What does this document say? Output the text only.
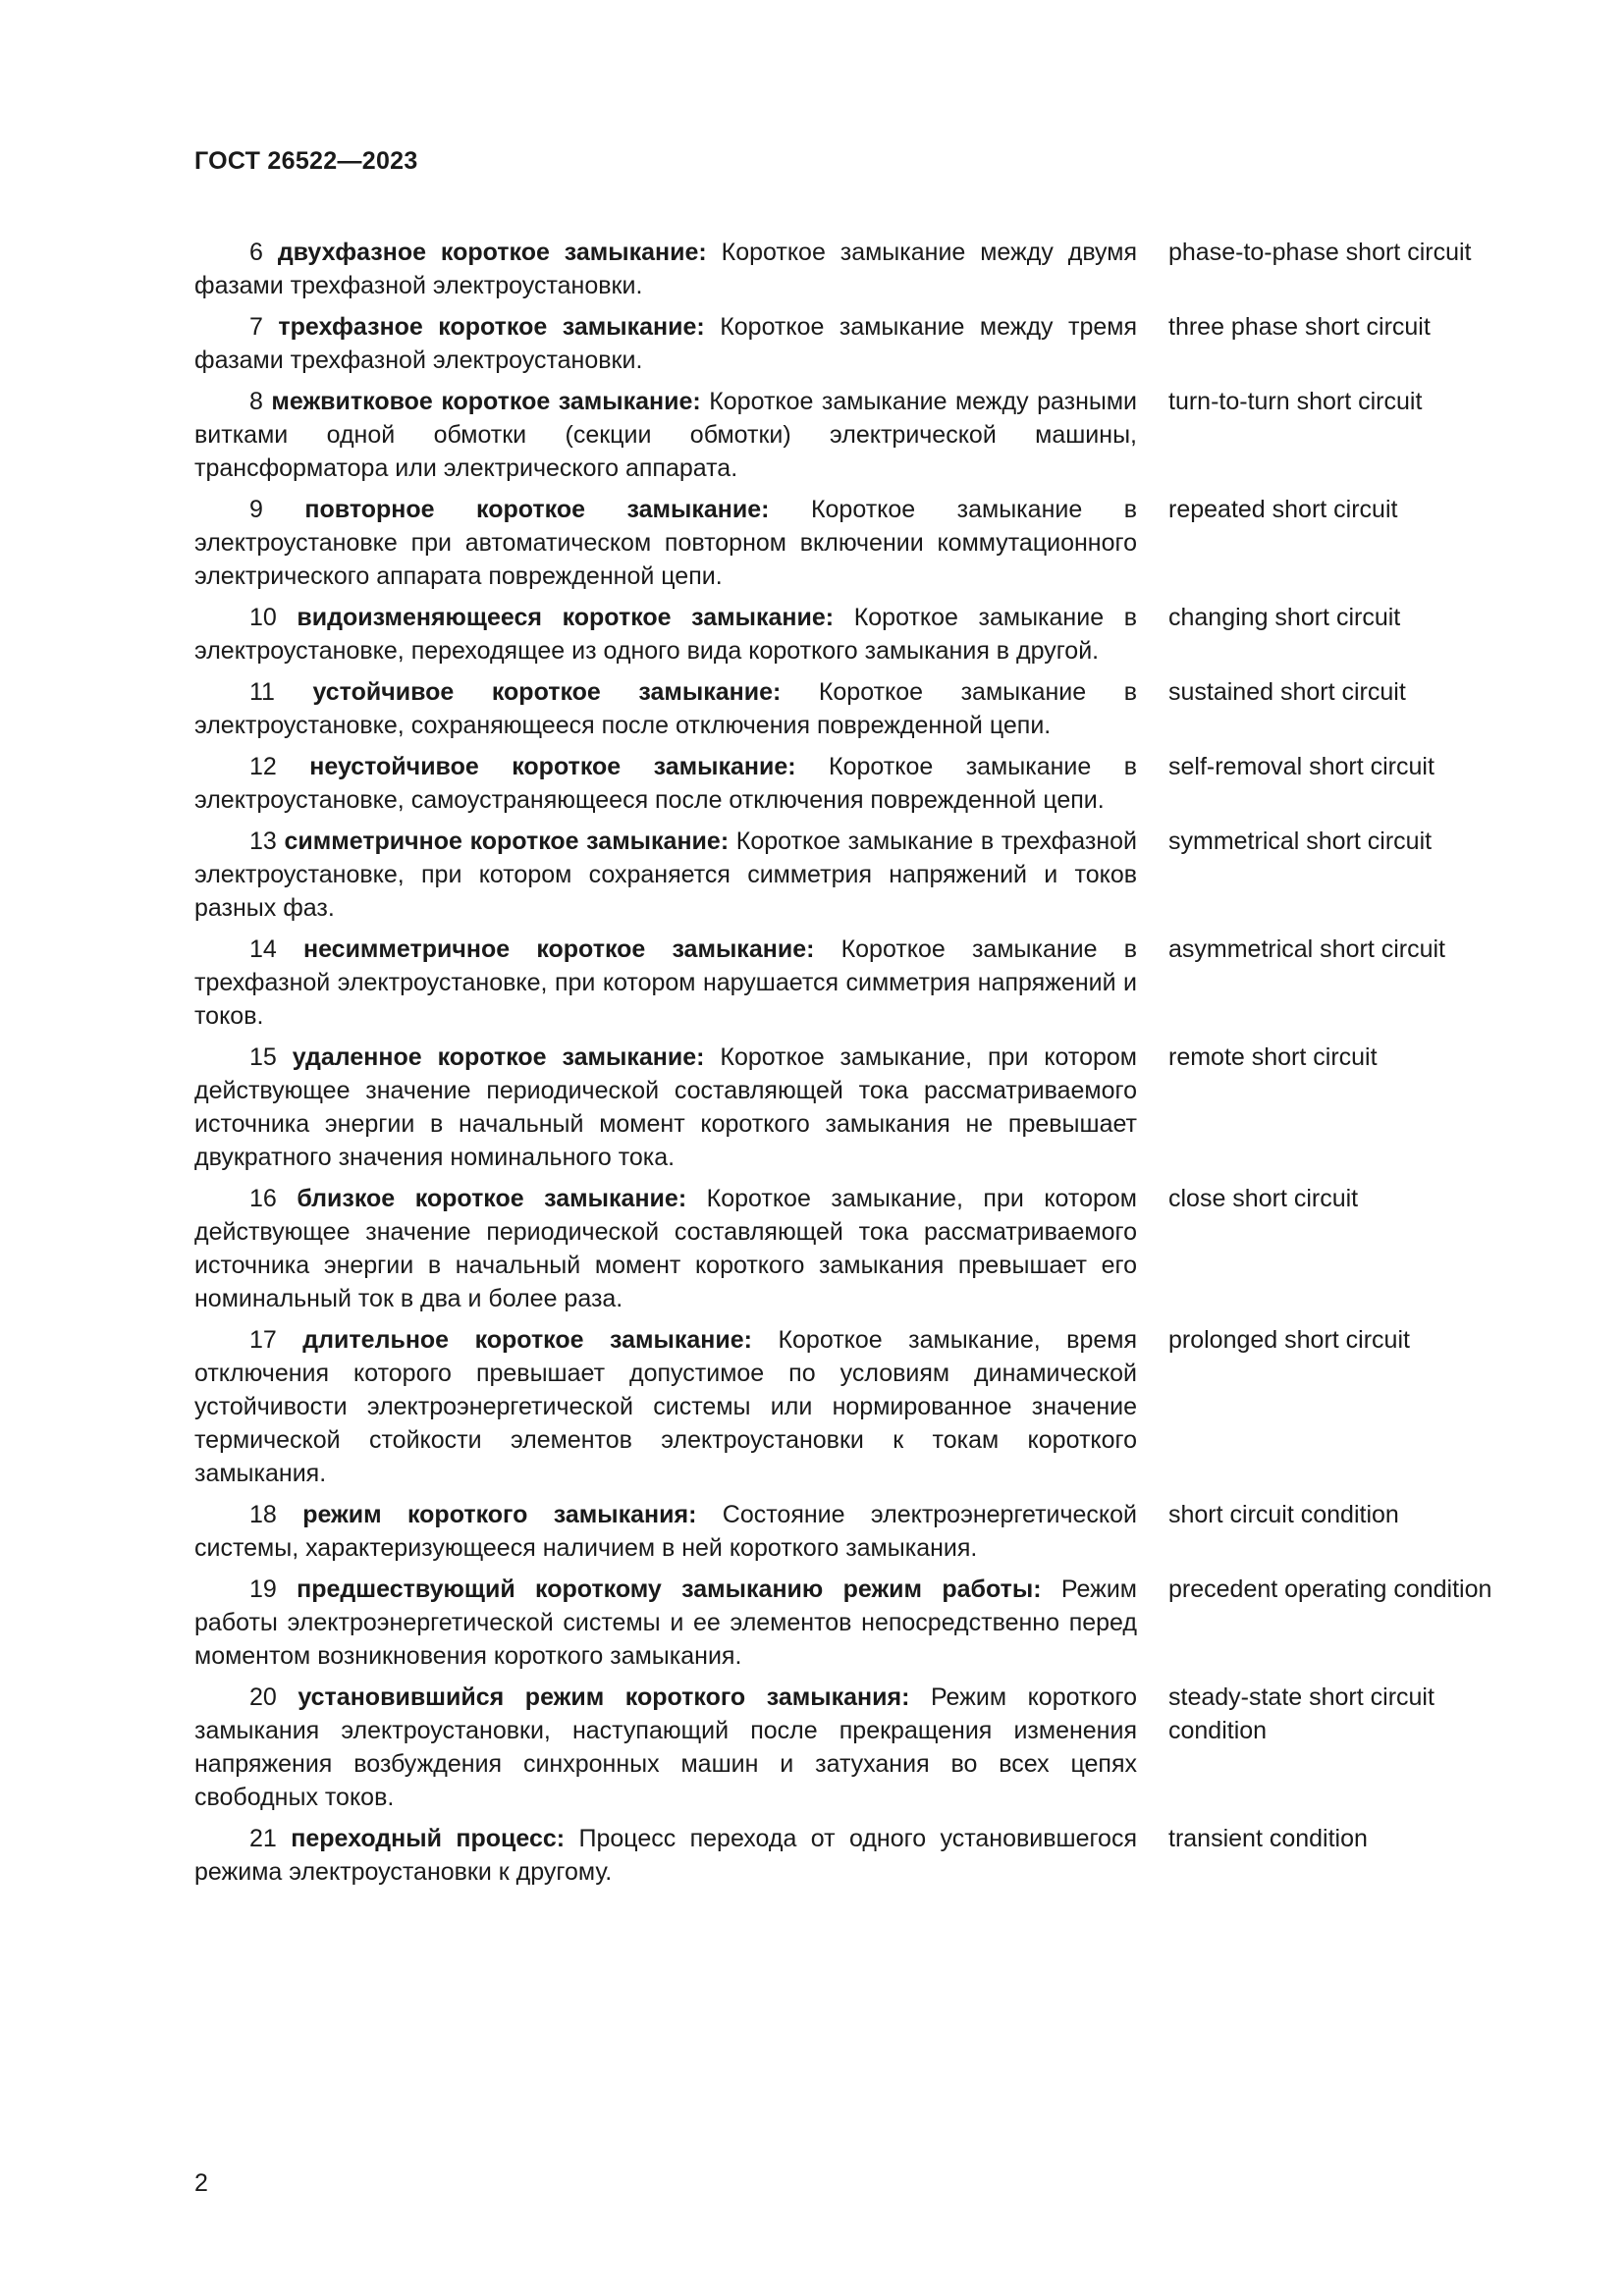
ГОСТ 26522—2023
6 двухфазное короткое замыкание: Короткое замыкание между двумя фазами трехфазной электроустановки.
phase-to-phase short circuit
7 трехфазное короткое замыкание: Короткое замыкание между тремя фазами трехфазной электроустановки.
three phase short circuit
8 межвитковое короткое замыкание: Короткое замыкание между разными витками одной обмотки (секции обмотки) электрической машины, трансформатора или электрического аппарата.
turn-to-turn short circuit
9 повторное короткое замыкание: Короткое замыкание в электроустановке при автоматическом повторном включении коммутационного электрического аппарата поврежденной цепи.
repeated short circuit
10 видоизменяющееся короткое замыкание: Короткое замыкание в электроустановке, переходящее из одного вида короткого замыкания в другой.
changing short circuit
11 устойчивое короткое замыкание: Короткое замыкание в электроустановке, сохраняющееся после отключения поврежденной цепи.
sustained short circuit
12 неустойчивое короткое замыкание: Короткое замыкание в электроустановке, самоустраняющееся после отключения поврежденной цепи.
self-removal short circuit
13 симметричное короткое замыкание: Короткое замыкание в трехфазной электроустановке, при котором сохраняется симметрия напряжений и токов разных фаз.
symmetrical short circuit
14 несимметричное короткое замыкание: Короткое замыкание в трехфазной электроустановке, при котором нарушается симметрия напряжений и токов.
asymmetrical short circuit
15 удаленное короткое замыкание: Короткое замыкание, при котором действующее значение периодической составляющей тока рассматриваемого источника энергии в начальный момент короткого замыкания не превышает двукратного значения номинального тока.
remote short circuit
16 близкое короткое замыкание: Короткое замыкание, при котором действующее значение периодической составляющей тока рассматриваемого источника энергии в начальный момент короткого замыкания превышает его номинальный ток в два и более раза.
close short circuit
17 длительное короткое замыкание: Короткое замыкание, время отключения которого превышает допустимое по условиям динамической устойчивости электроэнергетической системы или нормированное значение термической стойкости элементов электроустановки к токам короткого замыкания.
prolonged short circuit
18 режим короткого замыкания: Состояние электроэнергетической системы, характеризующееся наличием в ней короткого замыкания.
short circuit condition
19 предшествующий короткому замыканию режим работы: Режим работы электроэнергетической системы и ее элементов непосредственно перед моментом возникновения короткого замыкания.
precedent operating condition
20 установившийся режим короткого замыкания: Режим короткого замыкания электроустановки, наступающий после прекращения изменения напряжения возбуждения синхронных машин и затухания во всех цепях свободных токов.
steady-state short circuit condition
21 переходный процесс: Процесс перехода от одного установившегося режима электроустановки к другому.
transient condition
2
